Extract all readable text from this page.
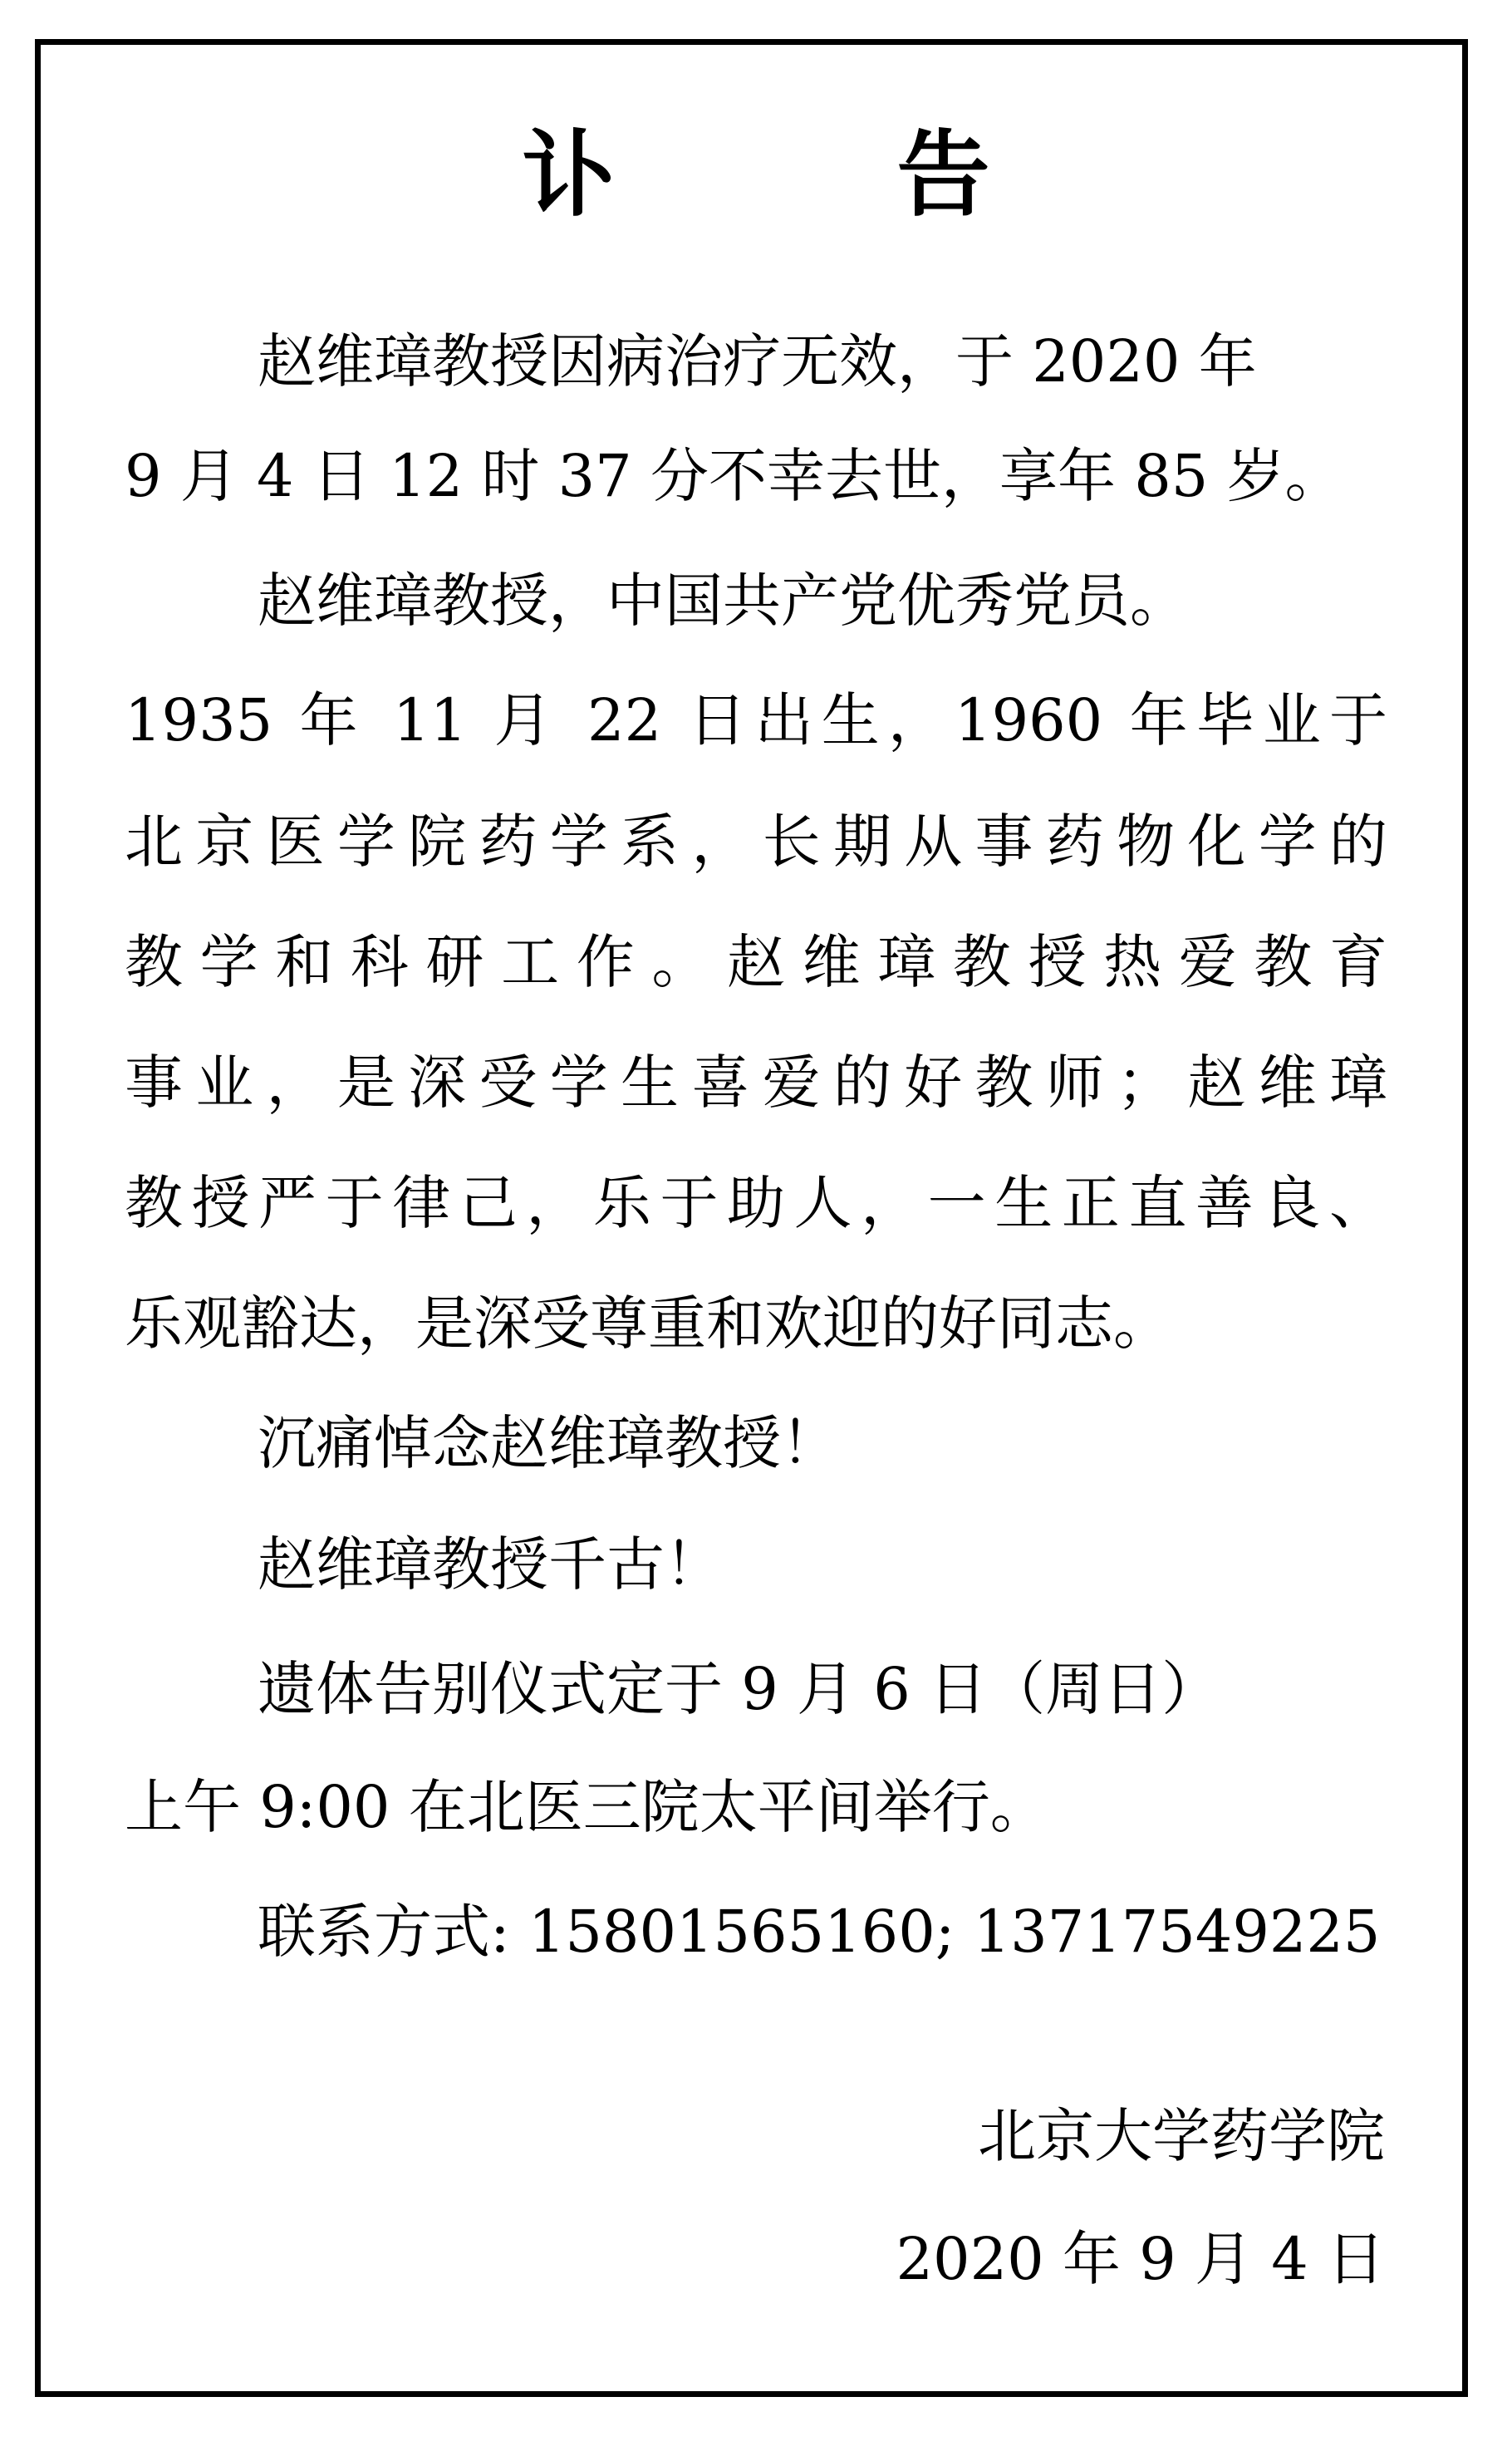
讣 告
赵维璋教授因病治疗无效，于 2020 年
9 月 4 日 12 时 37 分不幸去世，享年 85 岁。
赵维璋教授，中国共产党优秀党员。
1935 年 11 月 22 日出生，1960 年毕业于
北京医学院药学系，长期从事药物化学的
教学和科研工作。赵维璋教授热爱教育
事业，是深受学生喜爱的好教师；赵维璋
教授严于律己，乐于助人，一生正直善良、
乐观豁达，是深受尊重和欢迎的好同志。
沉痛悼念赵维璋教授！
赵维璋教授千古！
遗体告别仪式定于 9 月 6 日（周日）
上午 9:00 在北医三院太平间举行。
联系方式: 15801565160; 13717549225
北京大学药学院
2020 年 9 月 4 日
